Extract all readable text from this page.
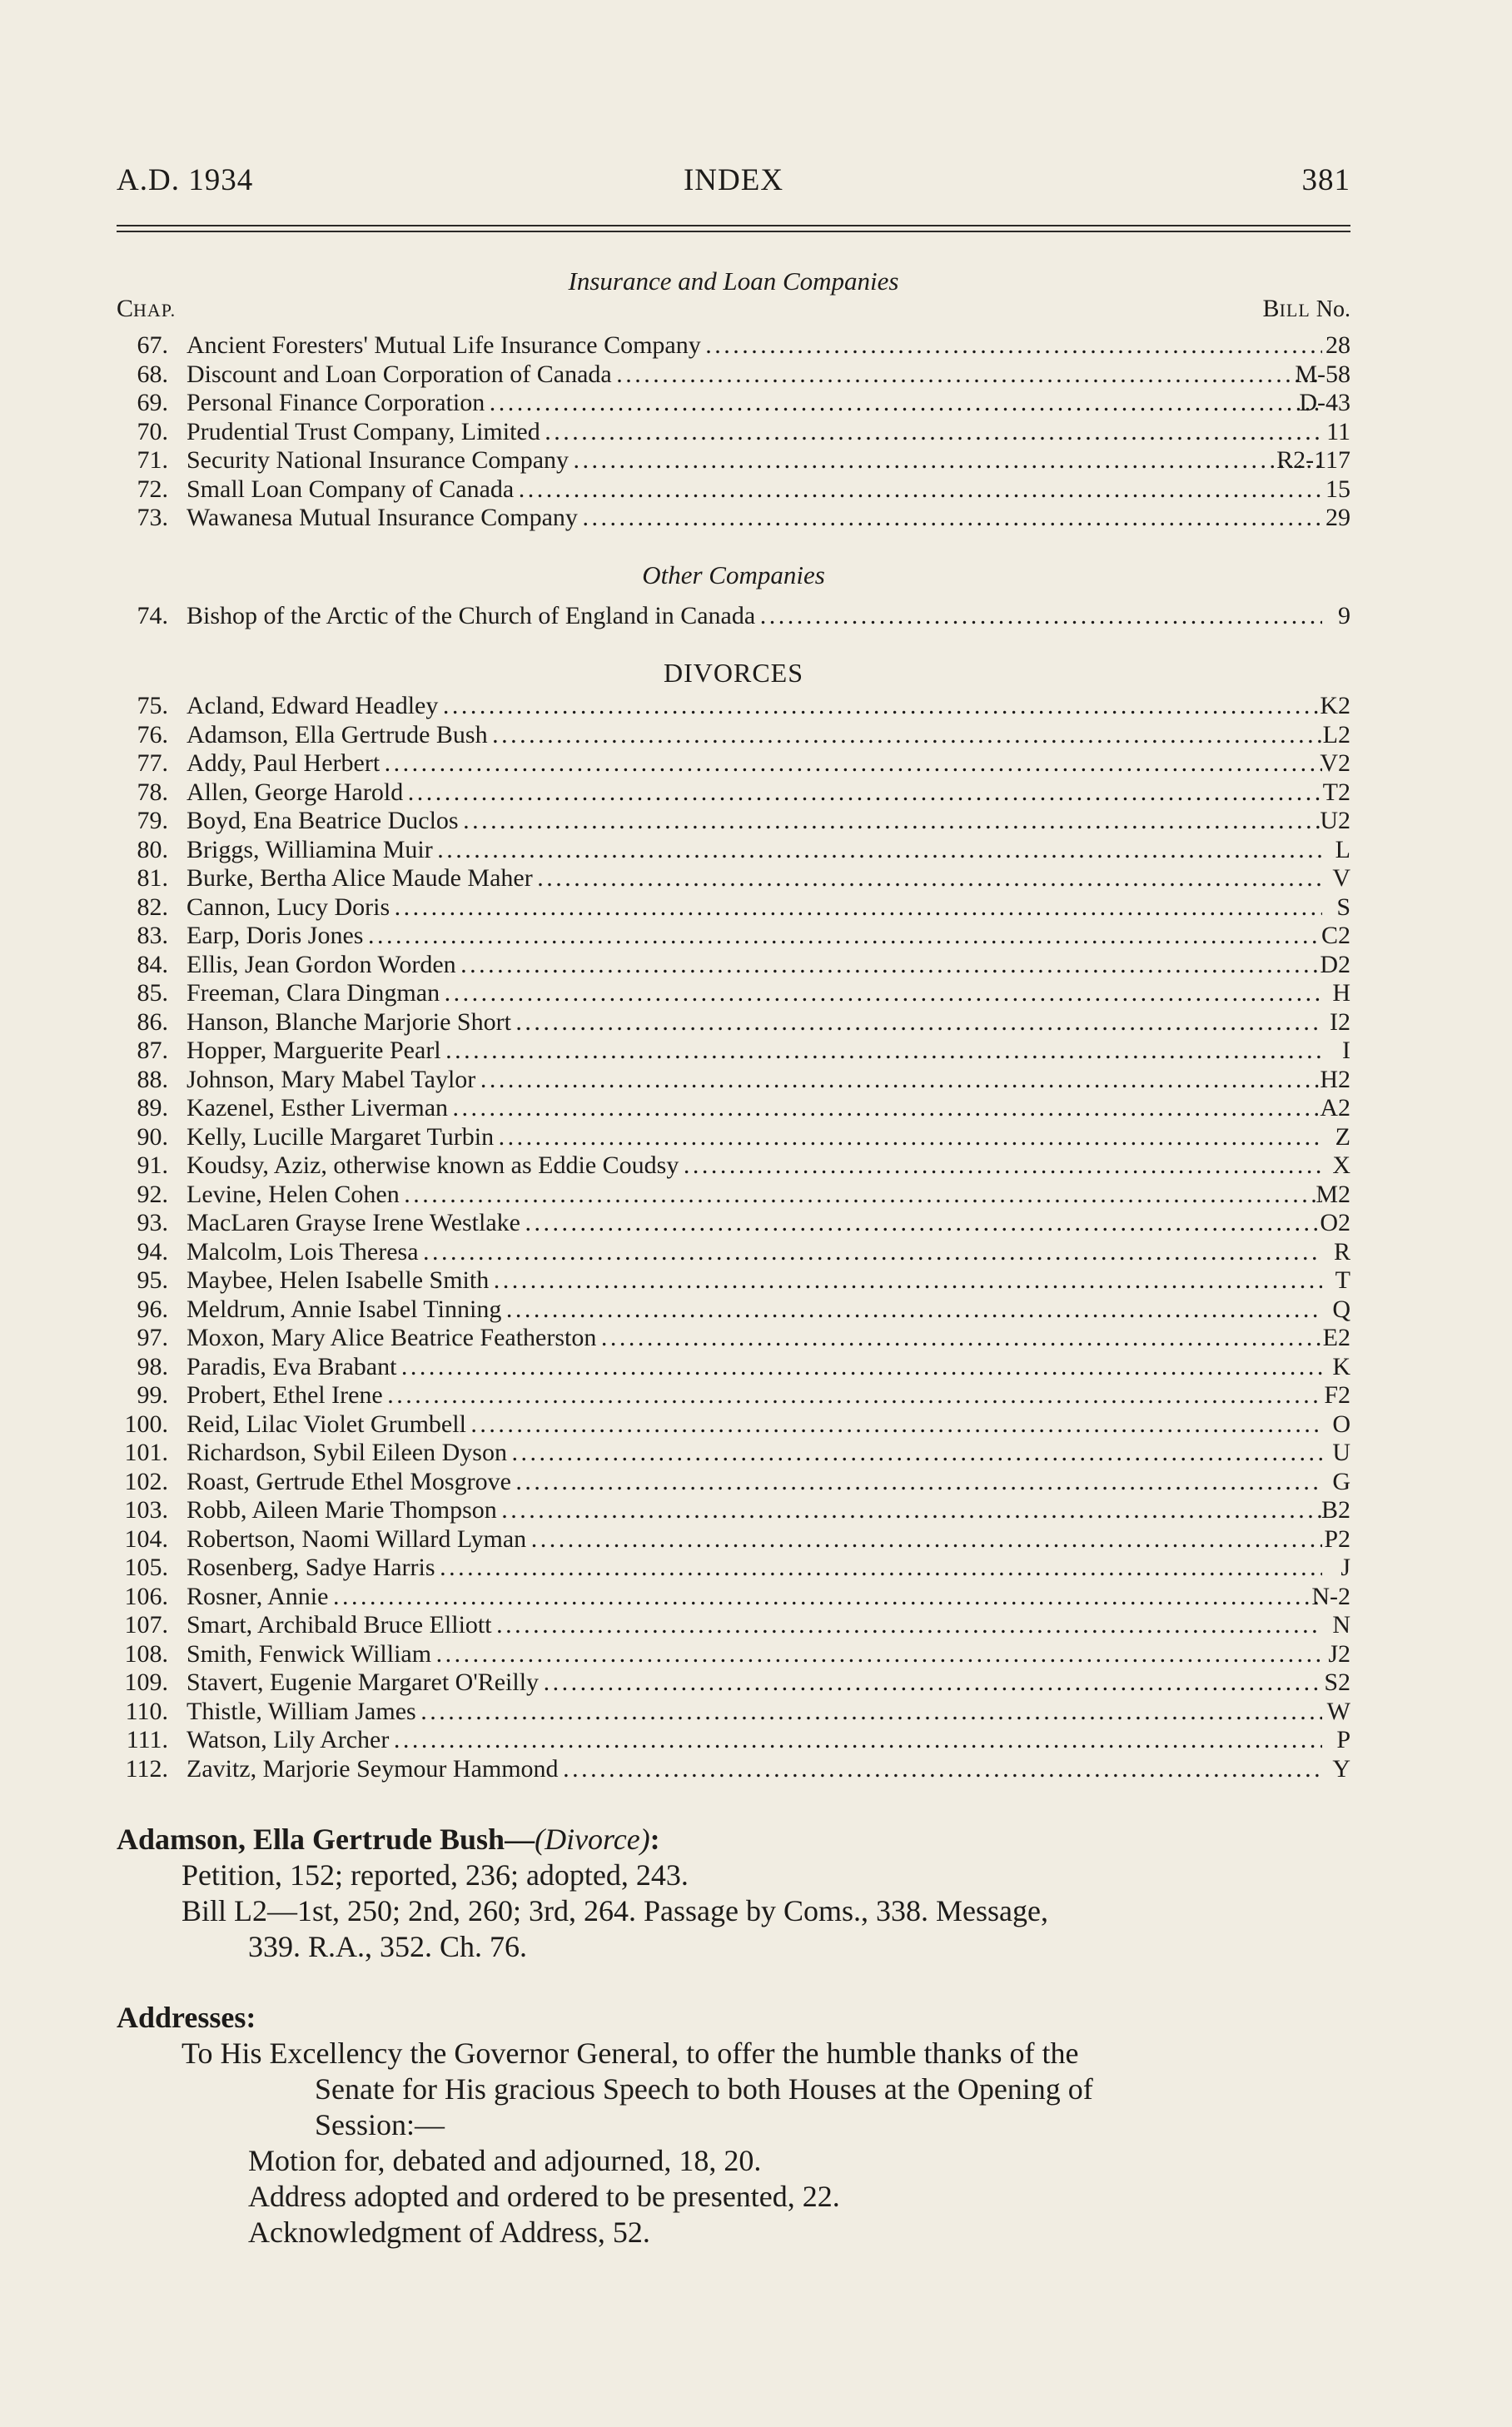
A.D. 1934	INDEX	381
Insurance and Loan Companies
CHAP.	BILL No.
67. Ancient Foresters' Mutual Life Insurance Company . . .	28
68. Discount and Loan Corporation of Canada . . .	M-58
69. Personal Finance Corporation . . .	D-43
70. Prudential Trust Company, Limited . . .	11
71. Security National Insurance Company . . .	R2-117
72. Small Loan Company of Canada . . .	15
73. Wawanesa Mutual Insurance Company . . .	29
Other Companies
74. Bishop of the Arctic of the Church of England in Canada . . .	9
DIVORCES
75. Acland, Edward Headley . . .	K2
76. Adamson, Ella Gertrude Bush . . .	L2
77. Addy, Paul Herbert . . .	V2
78. Allen, George Harold . . .	T2
79. Boyd, Ena Beatrice Duclos . . .	U2
80. Briggs, Williamina Muir . . .	L
81. Burke, Bertha Alice Maude Maher . . .	V
82. Cannon, Lucy Doris . . .	S
83. Earp, Doris Jones . . .	C2
84. Ellis, Jean Gordon Worden . . .	D2
85. Freeman, Clara Dingman . . .	H
86. Hanson, Blanche Marjorie Short . . .	I2
87. Hopper, Marguerite Pearl . . .	I
88. Johnson, Mary Mabel Taylor . . .	H2
89. Kazenel, Esther Liverman . . .	A2
90. Kelly, Lucille Margaret Turbin . . .	Z
91. Koudsy, Aziz, otherwise known as Eddie Coudsy . . .	X
92. Levine, Helen Cohen . . .	M2
93. MacLaren Grayse Irene Westlake . . .	O2
94. Malcolm, Lois Theresa . . .	R
95. Maybee, Helen Isabelle Smith . . .	T
96. Meldrum, Annie Isabel Tinning . . .	Q
97. Moxon, Mary Alice Beatrice Featherston . . .	E2
98. Paradis, Eva Brabant . . .	K
99. Probert, Ethel Irene . . .	F2
100. Reid, Lilac Violet Grumbell . . .	O
101. Richardson, Sybil Eileen Dyson . . .	U
102. Roast, Gertrude Ethel Mosgrove . . .	G
103. Robb, Aileen Marie Thompson . . .	B2
104. Robertson, Naomi Willard Lyman . . .	P2
105. Rosenberg, Sadye Harris . . .	J
106. Rosner, Annie . . .	N-2
107. Smart, Archibald Bruce Elliott . . .	N
108. Smith, Fenwick William . . .	J2
109. Stavert, Eugenie Margaret O'Reilly . . .	S2
110. Thistle, William James . . .	W
111. Watson, Lily Archer . . .	P
112. Zavitz, Marjorie Seymour Hammond . . .	Y
Adamson, Ella Gertrude Bush—(Divorce):
Petition, 152; reported, 236; adopted, 243.
Bill L2—1st, 250; 2nd, 260; 3rd, 264. Passage by Coms., 338. Message,
339. R.A., 352. Ch. 76.
Addresses:
To His Excellency the Governor General, to offer the humble thanks of the
Senate for His gracious Speech to both Houses at the Opening of
Session:—
Motion for, debated and adjourned, 18, 20.
Address adopted and ordered to be presented, 22.
Acknowledgment of Address, 52.
